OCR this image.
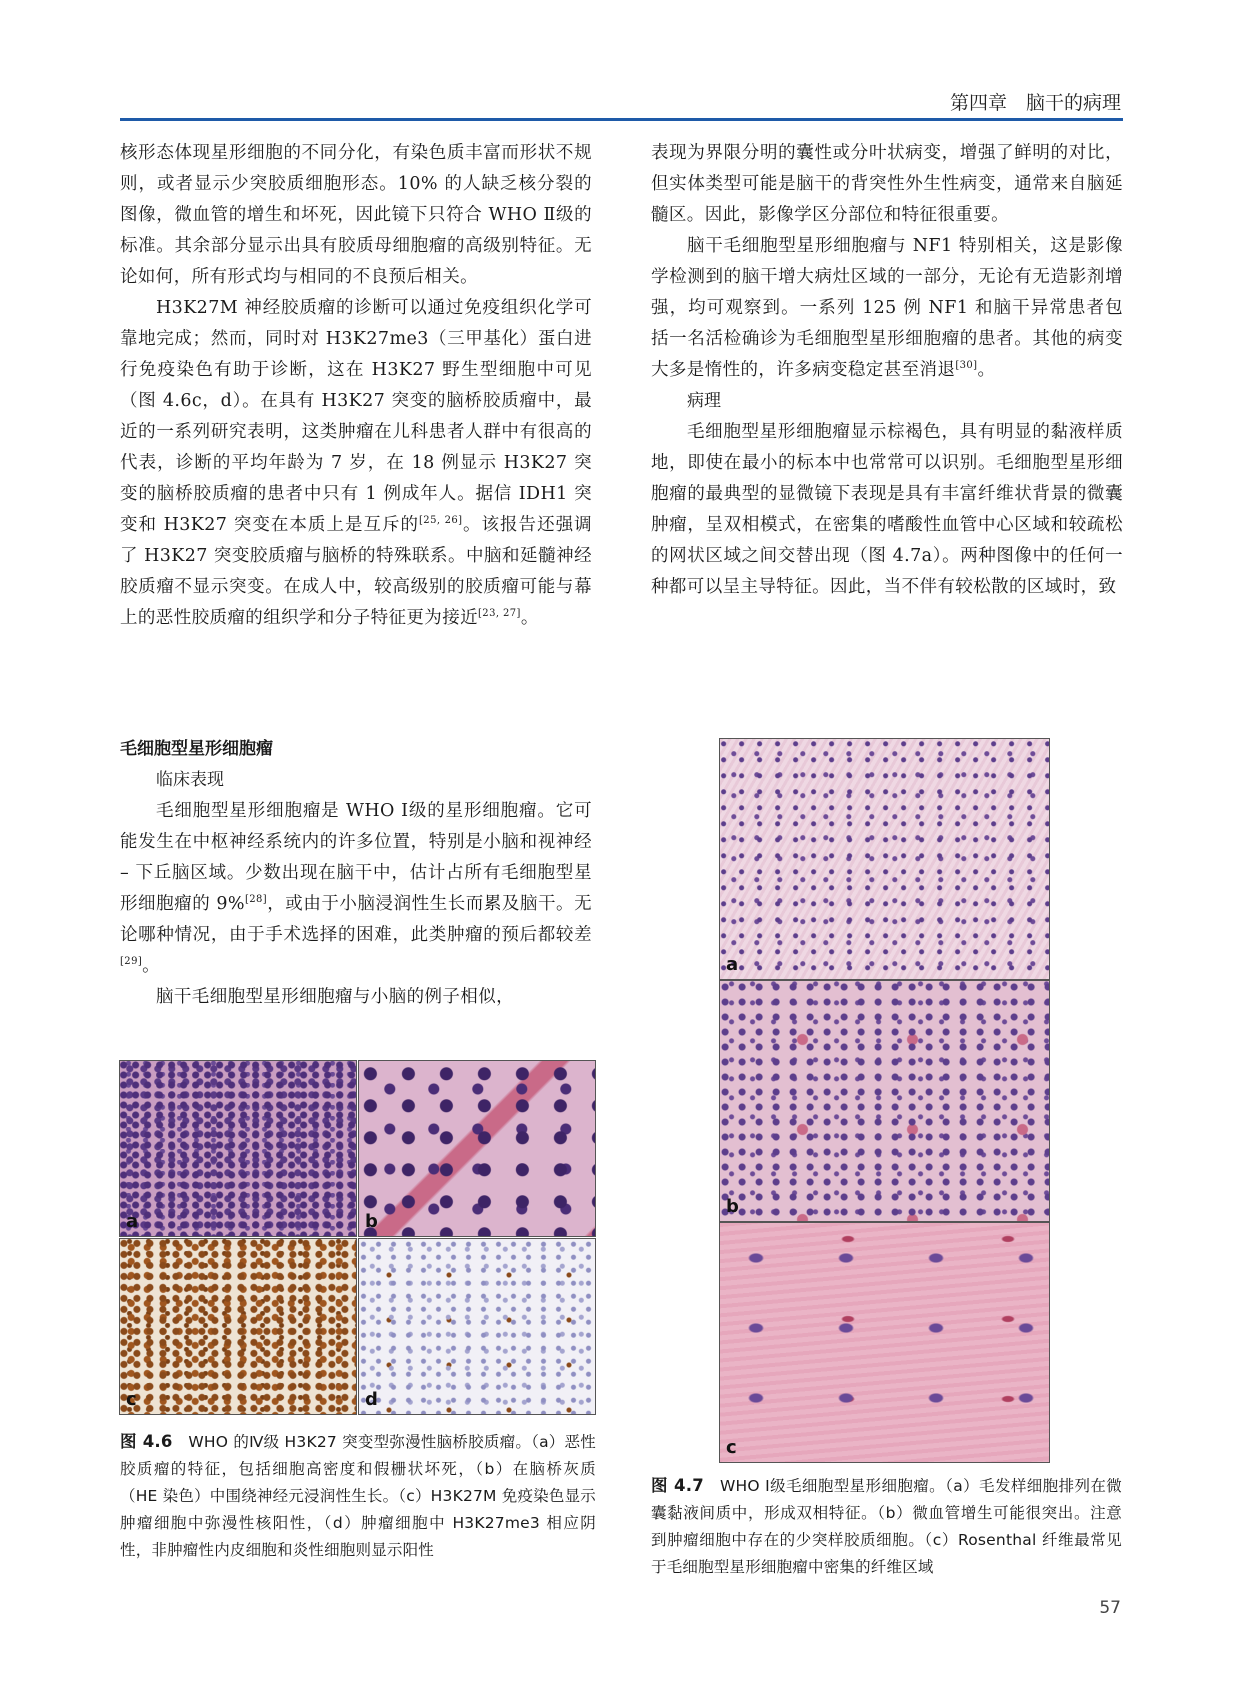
第四章　脑干的病理

核形态体现星形细胞的不同分化，有染色质丰富而形状不规则，或者显示少突胶质细胞形态。10% 的人缺乏核分裂的图像，微血管的增生和坏死，因此镜下只符合 WHO Ⅱ级的标准。其余部分显示出具有胶质母细胞瘤的高级别特征。无论如何，所有形式均与相同的不良预后相关。

H3K27M 神经胶质瘤的诊断可以通过免疫组织化学可靠地完成；然而，同时对 H3K27me3（三甲基化）蛋白进行免疫染色有助于诊断，这在 H3K27 野生型细胞中可见（图 4.6c，d）。在具有 H3K27 突变的脑桥胶质瘤中，最近的一系列研究表明，这类肿瘤在儿科患者人群中有很高的代表，诊断的平均年龄为 7 岁，在 18 例显示 H3K27 突变的脑桥胶质瘤的患者中只有 1 例成年人。据信 IDH1 突变和 H3K27 突变在本质上是互斥的[25, 26]。该报告还强调了 H3K27 突变胶质瘤与脑桥的特殊联系。中脑和延髓神经胶质瘤不显示突变。在成人中，较高级别的胶质瘤可能与幕上的恶性胶质瘤的组织学和分子特征更为接近[23, 27]。

毛细胞型星形细胞瘤

临床表现

毛细胞型星形细胞瘤是 WHO Ⅰ级的星形细胞瘤。它可能发生在中枢神经系统内的许多位置，特别是小脑和视神经 – 下丘脑区域。少数出现在脑干中，估计占所有毛细胞型星形细胞瘤的 9%[28]，或由于小脑浸润性生长而累及脑干。无论哪种情况，由于手术选择的困难，此类肿瘤的预后都较差[29]。

脑干毛细胞型星形细胞瘤与小脑的例子相似，

表现为界限分明的囊性或分叶状病变，增强了鲜明的对比，但实体类型可能是脑干的背突性外生性病变，通常来自脑延髓区。因此，影像学区分部位和特征很重要。

脑干毛细胞型星形细胞瘤与 NF1 特别相关，这是影像学检测到的脑干增大病灶区域的一部分，无论有无造影剂增强，均可观察到。一系列 125 例 NF1 和脑干异常患者包括一名活检确诊为毛细胞型星形细胞瘤的患者。其他的病变大多是惰性的，许多病变稳定甚至消退[30]。

病理

毛细胞型星形细胞瘤显示棕褐色，具有明显的黏液样质地，即使在最小的标本中也常常可以识别。毛细胞型星形细胞瘤的最典型的显微镜下表现是具有丰富纤维状背景的微囊肿瘤，呈双相模式，在密集的嗜酸性血管中心区域和较疏松的网状区域之间交替出现（图 4.7a）。两种图像中的任何一种都可以呈主导特征。因此，当不伴有较松散的区域时，致

a	b
c	d

图 4.6　 WHO 的Ⅳ级 H3K27 突变型弥漫性脑桥胶质瘤。（a）恶性胶质瘤的特征，包括细胞高密度和假栅状坏死，（b）在脑桥灰质（HE 染色）中围绕神经元浸润性生长。（c）H3K27M 免疫染色显示肿瘤细胞中弥漫性核阳性，（d）肿瘤细胞中 H3K27me3 相应阴性，非肿瘤性内皮细胞和炎性细胞则显示阳性

a
b
c

图 4.7　 WHO Ⅰ级毛细胞型星形细胞瘤。（a）毛发样细胞排列在微囊黏液间质中，形成双相特征。（b）微血管增生可能很突出。注意到肿瘤细胞中存在的少突样胶质细胞。（c）Rosenthal 纤维最常见于毛细胞型星形细胞瘤中密集的纤维区域

57
